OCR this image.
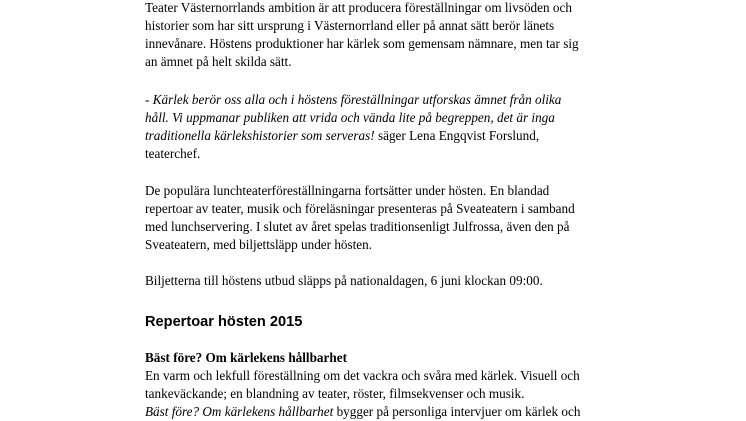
Teater Västernorrlands ambition är att producera föreställningar om livsöden och
historier som har sitt ursprung i Västernorrland eller på annat sätt berör länets
innevånare. Höstens produktioner har kärlek som gemensam nämnare, men tar sig
an ämnet på helt skilda sätt.
- Kärlek berör oss alla och i höstens föreställningar utforskas ämnet från olika
håll. Vi uppmanar publiken att vrida och vända lite på begreppen, det är inga
traditionella kärlekshistorier som serveras! säger Lena Engqvist Forslund,
teaterchef.
De populära lunchteaterföreställningarna fortsätter under hösten. En blandad
repertoar av teater, musik och föreläsningar presenteras på Sveateatern i samband
med lunchservering. I slutet av året spelas traditionsenligt Julfrossa, även den på
Sveateatern, med biljettsläpp under hösten.
Biljetterna till höstens utbud släpps på nationaldagen, 6 juni klockan 09:00.
Repertoar hösten 2015
Bäst före? Om kärlekens hållbarhet
En varm och lekfull föreställning om det vackra och svåra med kärlek. Visuell och
tankeväckande; en blandning av teater, röster, filmsekvenser och musik.
Bäst före? Om kärlekens hållbarhet bygger på personliga intervjuer om kärlek och
